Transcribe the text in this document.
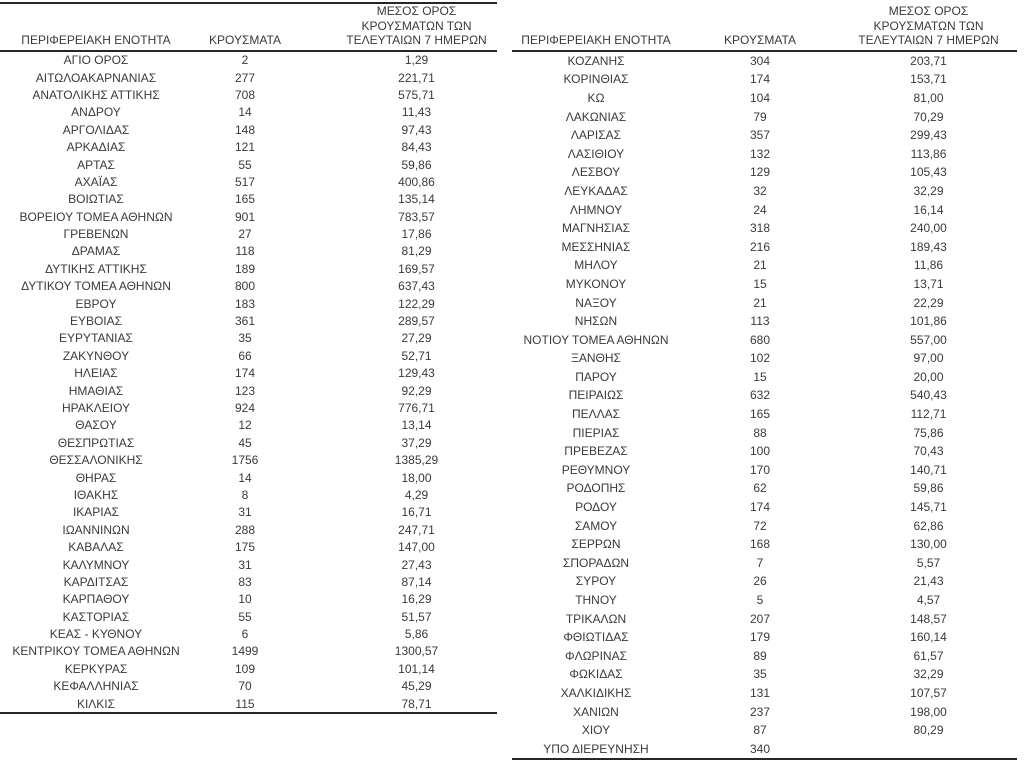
ΠΕΡΙΦΕΡΕΙΑΚΗ ΕΝΟΤΗΤΑ	ΚΡΟΥΣΜΑΤΑ	ΜΕΣΟΣ ΟΡΟΣ
ΚΡΟΥΣΜΑΤΩΝ ΤΩΝ
ΤΕΛΕΥΤΑΙΩΝ 7 ΗΜΕΡΩΝ

ΑΓΙΟ ΟΡΟΣ	2	1,29
ΑΙΤΩΛΟΑΚΑΡΝΑΝΙΑΣ	277	221,71
ΑΝΑΤΟΛΙΚΗΣ ΑΤΤΙΚΗΣ	708	575,71
ΑΝΔΡΟΥ	14	11,43
ΑΡΓΟΛΙΔΑΣ	148	97,43
ΑΡΚΑΔΙΑΣ	121	84,43
ΑΡΤΑΣ	55	59,86
ΑΧΑΪΑΣ	517	400,86
ΒΟΙΩΤΙΑΣ	165	135,14
ΒΟΡΕΙΟΥ ΤΟΜΕΑ ΑΘΗΝΩΝ	901	783,57
ΓΡΕΒΕΝΩΝ	27	17,86
ΔΡΑΜΑΣ	118	81,29
ΔΥΤΙΚΗΣ ΑΤΤΙΚΗΣ	189	169,57
ΔΥΤΙΚΟΥ ΤΟΜΕΑ ΑΘΗΝΩΝ	800	637,43
ΕΒΡΟΥ	183	122,29
ΕΥΒΟΙΑΣ	361	289,57
ΕΥΡΥΤΑΝΙΑΣ	35	27,29
ΖΑΚΥΝΘΟΥ	66	52,71
ΗΛΕΙΑΣ	174	129,43
ΗΜΑΘΙΑΣ	123	92,29
ΗΡΑΚΛΕΙΟΥ	924	776,71
ΘΑΣΟΥ	12	13,14
ΘΕΣΠΡΩΤΙΑΣ	45	37,29
ΘΕΣΣΑΛΟΝΙΚΗΣ	1756	1385,29
ΘΗΡΑΣ	14	18,00
ΙΘΑΚΗΣ	8	4,29
ΙΚΑΡΙΑΣ	31	16,71
ΙΩΑΝΝΙΝΩΝ	288	247,71
ΚΑΒΑΛΑΣ	175	147,00
ΚΑΛΥΜΝΟΥ	31	27,43
ΚΑΡΔΙΤΣΑΣ	83	87,14
ΚΑΡΠΑΘΟΥ	10	16,29
ΚΑΣΤΟΡΙΑΣ	55	51,57
ΚΕΑΣ - ΚΥΘΝΟΥ	6	5,86
ΚΕΝΤΡΙΚΟΥ ΤΟΜΕΑ ΑΘΗΝΩΝ	1499	1300,57
ΚΕΡΚΥΡΑΣ	109	101,14
ΚΕΦΑΛΛΗΝΙΑΣ	70	45,29
ΚΙΛΚΙΣ	115	78,71
ΠΕΡΙΦΕΡΕΙΑΚΗ ΕΝΟΤΗΤΑ	ΚΡΟΥΣΜΑΤΑ	ΜΕΣΟΣ ΟΡΟΣ
ΚΡΟΥΣΜΑΤΩΝ ΤΩΝ
ΤΕΛΕΥΤΑΙΩΝ 7 ΗΜΕΡΩΝ

ΚΟΖΑΝΗΣ	304	203,71
ΚΟΡΙΝΘΙΑΣ	174	153,71
ΚΩ	104	81,00
ΛΑΚΩΝΙΑΣ	79	70,29
ΛΑΡΙΣΑΣ	357	299,43
ΛΑΣΙΘΙΟΥ	132	113,86
ΛΕΣΒΟΥ	129	105,43
ΛΕΥΚΑΔΑΣ	32	32,29
ΛΗΜΝΟΥ	24	16,14
ΜΑΓΝΗΣΙΑΣ	318	240,00
ΜΕΣΣΗΝΙΑΣ	216	189,43
ΜΗΛΟΥ	21	11,86
ΜΥΚΟΝΟΥ	15	13,71
ΝΑΞΟΥ	21	22,29
ΝΗΣΩΝ	113	101,86
ΝΟΤΙΟΥ ΤΟΜΕΑ ΑΘΗΝΩΝ	680	557,00
ΞΑΝΘΗΣ	102	97,00
ΠΑΡΟΥ	15	20,00
ΠΕΙΡΑΙΩΣ	632	540,43
ΠΕΛΛΑΣ	165	112,71
ΠΙΕΡΙΑΣ	88	75,86
ΠΡΕΒΕΖΑΣ	100	70,43
ΡΕΘΥΜΝΟΥ	170	140,71
ΡΟΔΟΠΗΣ	62	59,86
ΡΟΔΟΥ	174	145,71
ΣΑΜΟΥ	72	62,86
ΣΕΡΡΩΝ	168	130,00
ΣΠΟΡΑΔΩΝ	7	5,57
ΣΥΡΟΥ	26	21,43
ΤΗΝΟΥ	5	4,57
ΤΡΙΚΑΛΩΝ	207	148,57
ΦΘΙΩΤΙΔΑΣ	179	160,14
ΦΛΩΡΙΝΑΣ	89	61,57
ΦΩΚΙΔΑΣ	35	32,29
ΧΑΛΚΙΔΙΚΗΣ	131	107,57
ΧΑΝΙΩΝ	237	198,00
ΧΙΟΥ	87	80,29
ΥΠΟ ΔΙΕΡΕΥΝΗΣΗ	340	
